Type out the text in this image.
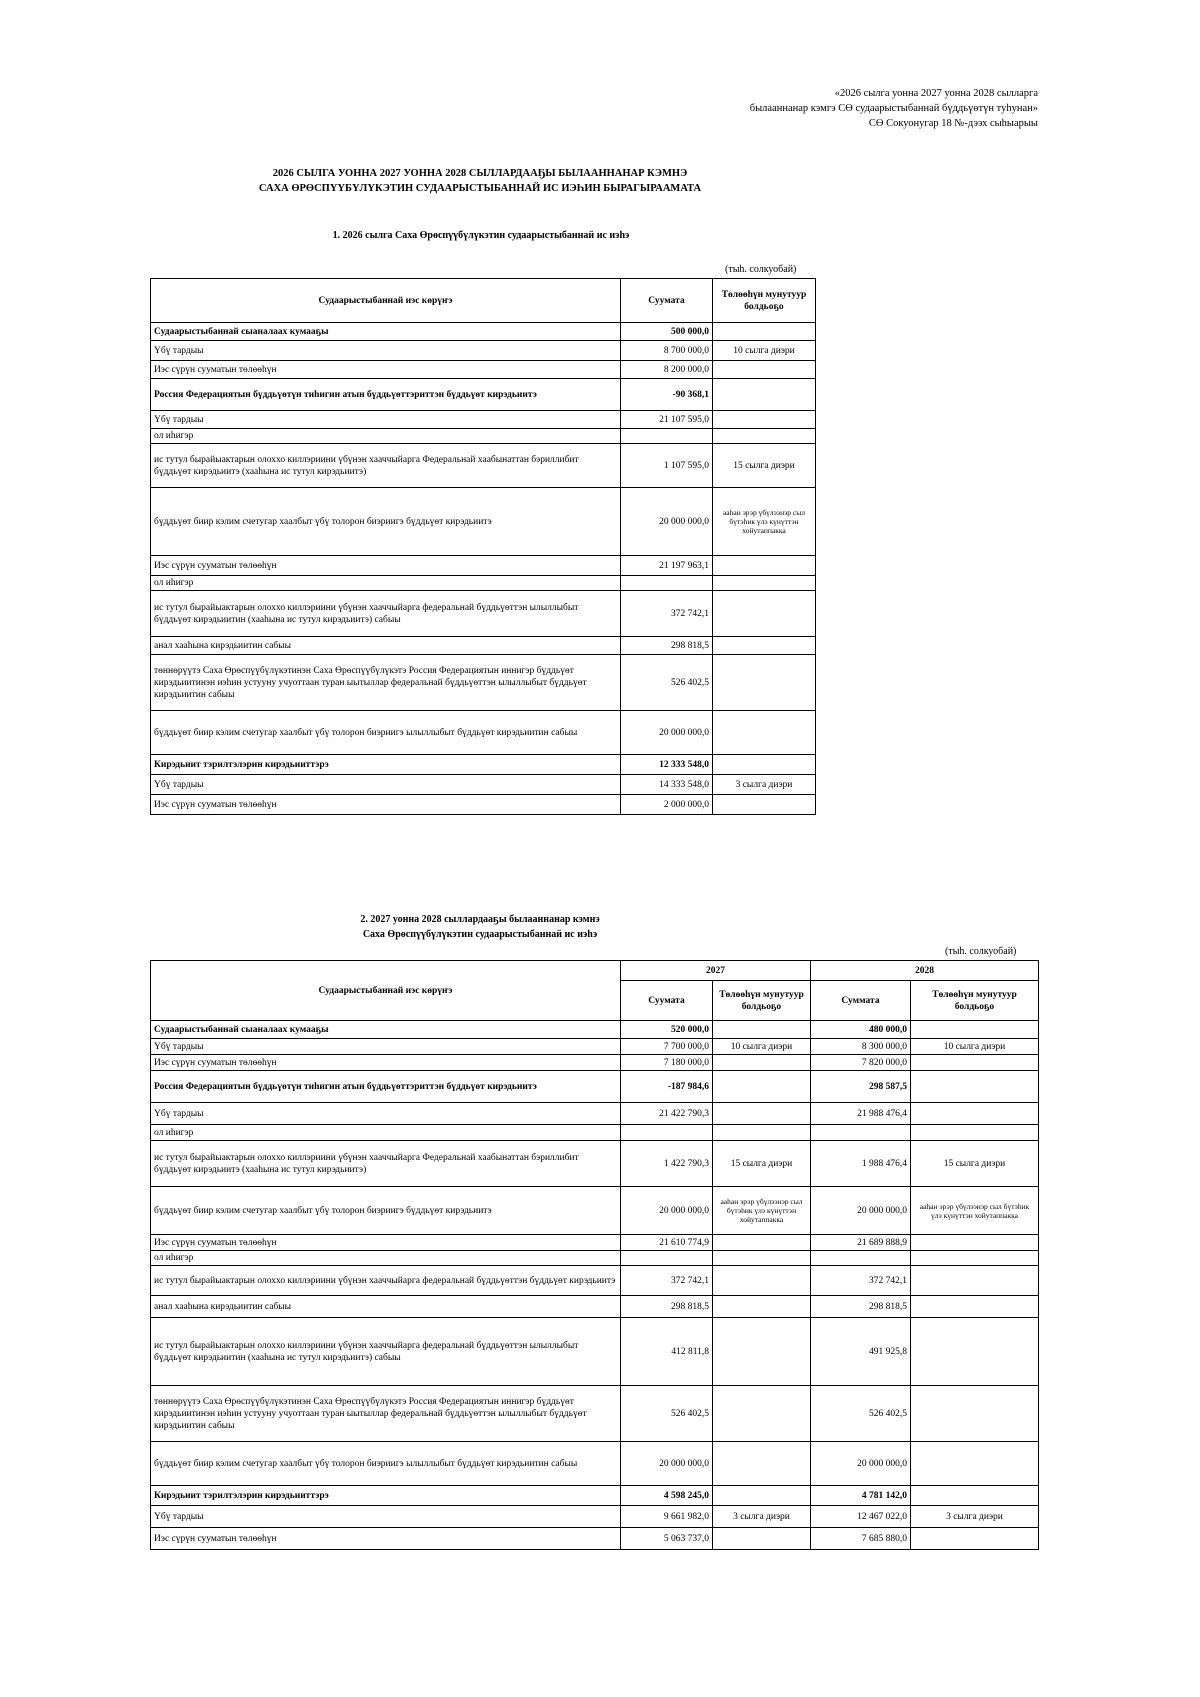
«2026 сылга уонна 2027 уонна 2028 сылларга
былааннанар кэмгэ СӨ судаарыстыбаннай бүддьүөтүн туһунан»
СӨ Сокуонугар 18 №-дээх сыһыарыы
2026 СЫЛГА УОННА 2027 УОННА 2028 СЫЛЛАРДААҔЫ БЫЛААННАНАР КЭМНЭ
САХА ӨРӨСПҮҮБҮЛҮКЭТИН СУДААРЫСТЫБАННАЙ ИС ИЭҺИН БЫРАГЫРААМАТА
1. 2026 сылга Саха Өрөспүүбүлүкэтин судаарыстыбаннай ис иэһэ
(тыһ. солкуобай)
Судаарыстыбаннай иэс көрүҥэ	Суумата	Төлөөһүн мунутуур болдьоҕо
Судаарыстыбаннай сыаналаах кумааҕы	500 000,0	
Үбү тардыы	8 700 000,0	10 сылга диэри
Иэс сүрүн сууматын төлөөһүн	8 200 000,0	
Россия Федерациятын бүддьүөтүн тиһигин атын бүддьүөттэриттэн бүддьүөт кирэдьиитэ	-90 368,1	
Үбү тардыы	21 107 595,0	
ол иһигэр		
ис тутул бырайыактарын олоххо киллэриини үбүнэн хааччыйарга Федеральнай хаабынаттан бэриллибит бүддьүөт кирэдьиитэ (хааһына ис тутул кирэдьиитэ)	1 107 595,0	15 сылга диэри
бүддьүөт биир кэлим счетугар хаалбыт үбү толорон биэриигэ бүддьүөт кирэдьиитэ	20 000 000,0	ааһан эрэр үбүлээнэр сыл бүтэһик үлэ күнүттэн хойутаппакка
Иэс сүрүн сууматын төлөөһүн	21 197 963,1	
ол иһигэр		
ис тутул бырайыактарын олоххо киллэриини үбүнэн хааччыйарга федеральнай бүддьүөттэн ылыллыбыт бүддьүөт кирэдьиитин (хааһына ис тутул кирэдьиитэ) сабыы	372 742,1	
анал хааһына кирэдьиитин сабыы	298 818,5	
төннөрүүтэ Саха Өрөспүүбүлүкэтинэн Саха Өрөспүүбүлүкэтэ Россия Федерациятын иннигэр бүддьүөт кирэдьиитинэн иэһин устууну учуоттаан туран ыытыллар федеральнай бүддьүөттэн ылыллыбыт бүддьүөт кирэдьиитин сабыы	526 402,5	
бүддьүөт биир кэлим счетугар хаалбыт үбү толорон биэриигэ ылыллыбыт бүддьүөт кирэдьиитин сабыы	20 000 000,0	
Кирэдьиит тэрилтэлэрин кирэдьииттэрэ	12 333 548,0	
Үбү тардыы	14 333 548,0	3 сылга диэри
Иэс сүрүн сууматын төлөөһүн	2 000 000,0	
2. 2027 уонна 2028 сыллардааҕы былааннанар кэмнэ
Саха Өрөспүүбүлүкэтин судаарыстыбаннай ис иэһэ
(тыһ. солкуобай)
Судаарыстыбаннай иэс көрүҥэ	2027		2028	
	Суумата	Төлөөһүн мунутуур болдьоҕо	Суммата	Төлөөһүн мунутуур болдьоҕо
Судаарыстыбаннай сыаналаах кумааҕы	520 000,0		480 000,0	
Үбү тардыы	7 700 000,0	10 сылга диэри	8 300 000,0	10 сылга диэри
Иэс сүрүн сууматын төлөөһүн	7 180 000,0		7 820 000,0	
Россия Федерациятын бүддьүөтүн тиһигин атын бүддьүөттэриттэн бүддьүөт кирэдьиитэ	-187 984,6		298 587,5	
Үбү тардыы	21 422 790,3		21 988 476,4	
ол иһигэр				
ис тутул бырайыактарын олоххо киллэриини үбүнэн хааччыйарга Федеральнай хаабынаттан бэриллибит бүддьүөт кирэдьиитэ (хааһына ис тутул кирэдьиитэ)	1 422 790,3	15 сылга диэри	1 988 476,4	15 сылга диэри
бүддьүөт биир кэлим счетугар хаалбыт үбү толорон биэриигэ бүддьүөт кирэдьиитэ	20 000 000,0	ааһан эрэр үбүлээнэр сыл бүтэһик үлэ күнүттэн хойутаппакка	20 000 000,0	ааһан эрэр үбүлээнэр сыл бүтэһик үлэ күнүттэн хойутаппакка
Иэс сүрүн сууматын төлөөһүн	21 610 774,9		21 689 888,9	
ол иһигэр				
ис тутул бырайыактарын олоххо киллэриини үбүнэн хааччыйарга федеральнай бүддьүөттэн бүддьүөт кирэдьиитэ	372 742,1		372 742,1	
анал хааһына кирэдьиитин сабыы	298 818,5		298 818,5	
ис тутул бырайыактарын олоххо киллэриини үбүнэн хааччыйарга федеральнай бүддьүөттэн ылыллыбыт бүддьүөт кирэдьиитин (хааһына ис тутул кирэдьиитэ) сабыы	412 811,8		491 925,8	
төннөрүүтэ Саха Өрөспүүбүлүкэтинэн Саха Өрөспүүбүлүкэтэ Россия Федерациятын иннигэр бүддьүөт кирэдьиитинэн иэһин устууну учуоттаан туран ыытыллар федеральнай бүддьүөттэн ылыллыбыт бүддьүөт кирэдьиитин сабыы	526 402,5		526 402,5	
бүддьүөт биир кэлим счетугар хаалбыт үбү толорон биэриигэ ылыллыбыт бүддьүөт кирэдьиитин сабыы	20 000 000,0		20 000 000,0	
Кирэдьиит тэрилтэлэрин кирэдьииттэрэ	4 598 245,0		4 781 142,0	
Үбү тардыы	9 661 982,0	3 сылга диэри	12 467 022,0	3 сылга диэри
Иэс сүрүн сууматын төлөөһүн	5 063 737,0		7 685 880,0	
